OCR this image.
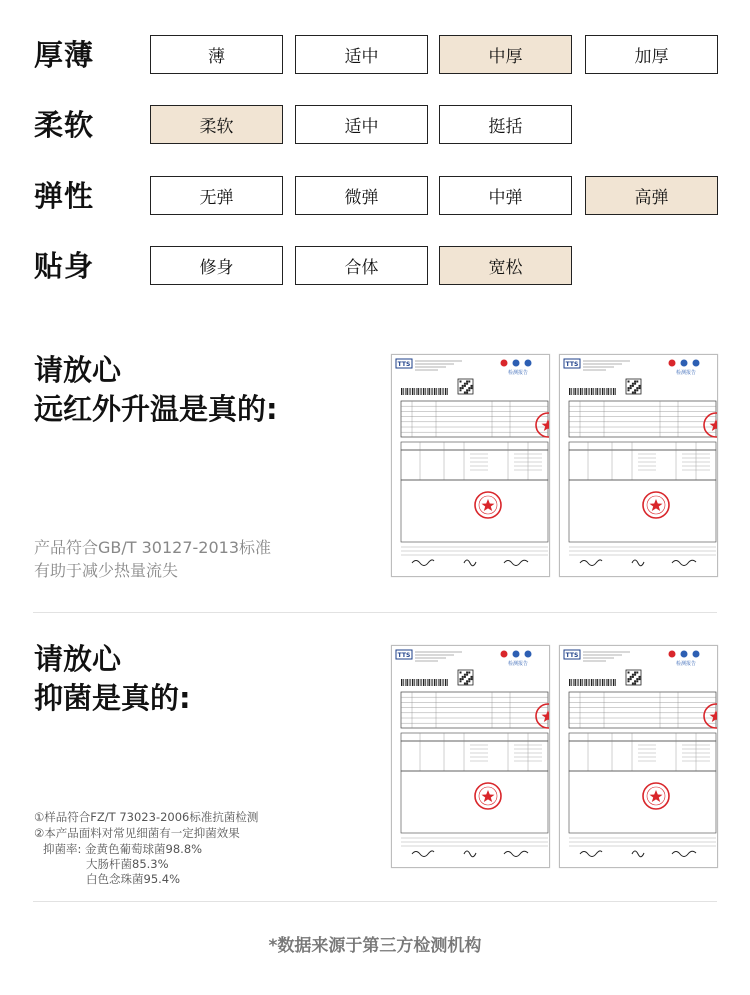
厚薄	薄	适中	中厚	加厚
柔软	柔软	适中	挺括
弹性	无弹	微弹	中弹	高弹
贴身	修身	合体	宽松
请放心
远红外升温是真的:
产品符合GB/T 30127-2013标准
有助于减少热量流失
TTS
检测报告
TTS
检测报告
请放心
抑菌是真的:
①样品符合FZ/T 73023-2006标准抗菌检测
②本产品面料对常见细菌有一定抑菌效果
抑菌率: 金黄色葡萄球菌98.8%
大肠杆菌85.3%
白色念珠菌95.4%
TTS
检测报告
TTS
检测报告
*数据来源于第三方检测机构
